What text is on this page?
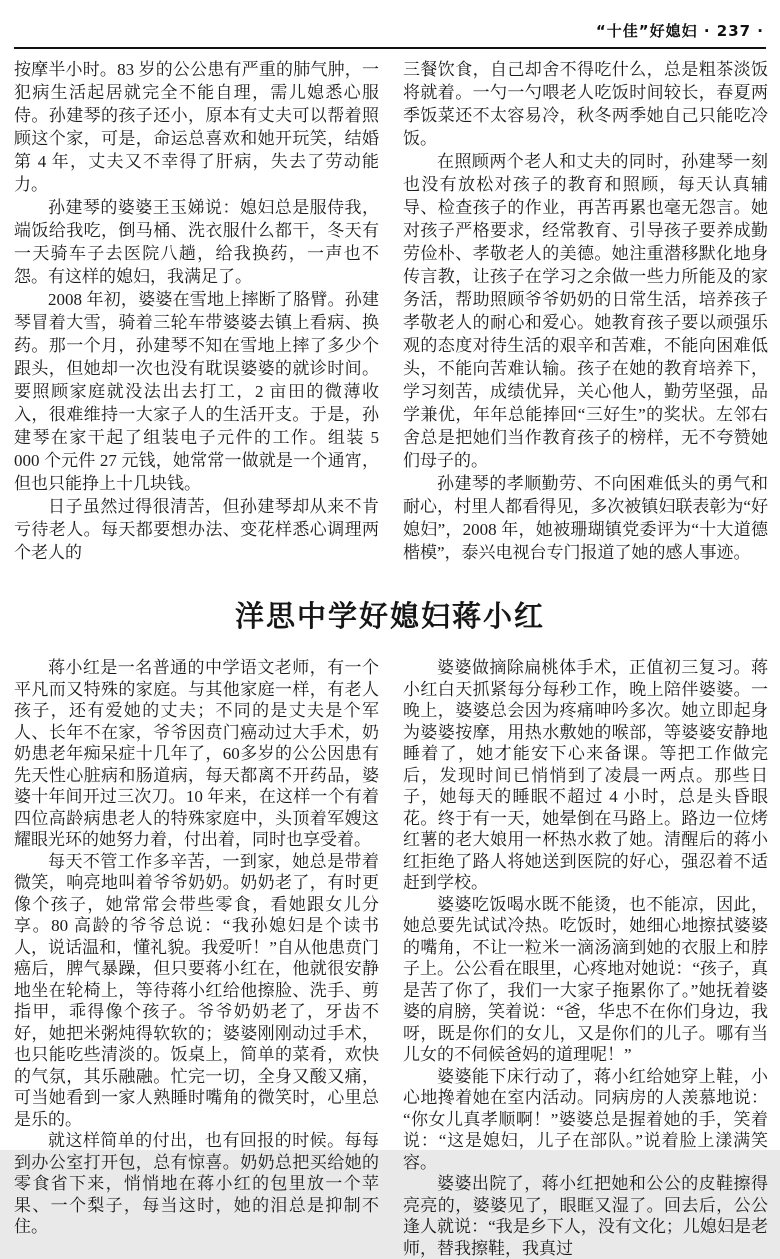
“十佳”好媳妇 · 237 ·

按摩半小时。83 岁的公公患有严重的肺气肿，一犯病生活起居就完全不能自理，需儿媳悉心服侍。孙建琴的孩子还小，原本有丈夫可以帮着照顾这个家，可是，命运总喜欢和她开玩笑，结婚第 4 年，丈夫又不幸得了肝病，失去了劳动能力。

孙建琴的婆婆王玉娣说：媳妇总是服侍我，端饭给我吃，倒马桶、洗衣服什么都干，冬天有一天骑车子去医院八趟，给我换药，一声也不怨。有这样的媳妇，我满足了。

2008 年初，婆婆在雪地上摔断了胳臂。孙建琴冒着大雪，骑着三轮车带婆婆去镇上看病、换药。那一个月，孙建琴不知在雪地上摔了多少个跟头，但她却一次也没有耽误婆婆的就诊时间。要照顾家庭就没法出去打工，2 亩田的微薄收入，很难维持一大家子人的生活开支。于是，孙建琴在家干起了组装电子元件的工作。组装 5 000 个元件 27 元钱，她常常一做就是一个通宵，但也只能挣上十几块钱。

日子虽然过得很清苦，但孙建琴却从来不肯亏待老人。每天都要想办法、变花样悉心调理两个老人的

三餐饮食，自己却舍不得吃什么，总是粗茶淡饭将就着。一勺一勺喂老人吃饭时间较长，春夏两季饭菜还不太容易冷，秋冬两季她自己只能吃冷饭。

在照顾两个老人和丈夫的同时，孙建琴一刻也没有放松对孩子的教育和照顾，每天认真辅导、检查孩子的作业，再苦再累也毫无怨言。她对孩子严格要求，经常教育、引导孩子要养成勤劳俭朴、孝敬老人的美德。她注重潜移默化地身传言教，让孩子在学习之余做一些力所能及的家务活，帮助照顾爷爷奶奶的日常生活，培养孩子孝敬老人的耐心和爱心。她教育孩子要以顽强乐观的态度对待生活的艰辛和苦难，不能向困难低头，不能向苦难认输。孩子在她的教育培养下，学习刻苦，成绩优异，关心他人，勤劳坚强，品学兼优，年年总能捧回“三好生”的奖状。左邻右舍总是把她们当作教育孩子的榜样，无不夸赞她们母子的。

孙建琴的孝顺勤劳、不向困难低头的勇气和耐心，村里人都看得见，多次被镇妇联表彰为“好媳妇”，2008 年，她被珊瑚镇党委评为“十大道德楷模”，泰兴电视台专门报道了她的感人事迹。

洋思中学好媳妇蒋小红

蒋小红是一名普通的中学语文老师，有一个平凡而又特殊的家庭。与其他家庭一样，有老人孩子，还有爱她的丈夫；不同的是丈夫是个军人、长年不在家，爷爷因贲门癌动过大手术，奶奶患老年痴呆症十几年了，60多岁的公公因患有先天性心脏病和肠道病，每天都离不开药品，婆婆十年间开过三次刀。10 年来，在这样一个有着四位高龄病患老人的特殊家庭中，头顶着军嫂这耀眼光环的她努力着，付出着，同时也享受着。

每天不管工作多辛苦，一到家，她总是带着微笑，响亮地叫着爷爷奶奶。奶奶老了，有时更像个孩子，她常常会带些零食，看她跟女儿分享。80 高龄的爷爷总说：“我孙媳妇是个读书人，说话温和，懂礼貌。我爱听！”自从他患贲门癌后，脾气暴躁，但只要蒋小红在，他就很安静地坐在轮椅上，等待蒋小红给他擦脸、洗手、剪指甲，乖得像个孩子。爷爷奶奶老了，牙齿不好，她把米粥炖得软软的；婆婆刚刚动过手术，也只能吃些清淡的。饭桌上，简单的菜肴，欢快的气氛，其乐融融。忙完一切，全身又酸又痛，可当她看到一家人熟睡时嘴角的微笑时，心里总是乐的。

就这样简单的付出，也有回报的时候。每每到办公室打开包，总有惊喜。奶奶总把买给她的零食省下来，悄悄地在蒋小红的包里放一个苹果、一个梨子，每当这时，她的泪总是抑制不住。

婆婆做摘除扁桃体手术，正值初三复习。蒋小红白天抓紧每分每秒工作，晚上陪伴婆婆。一晚上，婆婆总会因为疼痛呻吟多次。她立即起身为婆婆按摩，用热水敷她的喉部，等婆婆安静地睡着了，她才能安下心来备课。等把工作做完后，发现时间已悄悄到了凌晨一两点。那些日子，她每天的睡眠不超过 4 小时，总是头昏眼花。终于有一天，她晕倒在马路上。路边一位烤红薯的老大娘用一杯热水救了她。清醒后的蒋小红拒绝了路人将她送到医院的好心，强忍着不适赶到学校。

婆婆吃饭喝水既不能烫，也不能凉，因此，她总要先试试冷热。吃饭时，她细心地擦拭婆婆的嘴角，不让一粒米一滴汤滴到她的衣服上和脖子上。公公看在眼里，心疼地对她说：“孩子，真是苦了你了，我们一大家子拖累你了。”她抚着婆婆的肩膀，笑着说：“爸，华忠不在你们身边，我呀，既是你们的女儿，又是你们的儿子。哪有当儿女的不伺候爸妈的道理呢！”

婆婆能下床行动了，蒋小红给她穿上鞋，小心地搀着她在室内活动。同病房的人羡慕地说：“你女儿真孝顺啊！”婆婆总是握着她的手，笑着说：“这是媳妇，儿子在部队。”说着脸上漾满笑容。

婆婆出院了，蒋小红把她和公公的皮鞋擦得亮亮的，婆婆见了，眼眶又湿了。回去后，公公逢人就说：“我是乡下人，没有文化；儿媳妇是老师，替我擦鞋，我真过
